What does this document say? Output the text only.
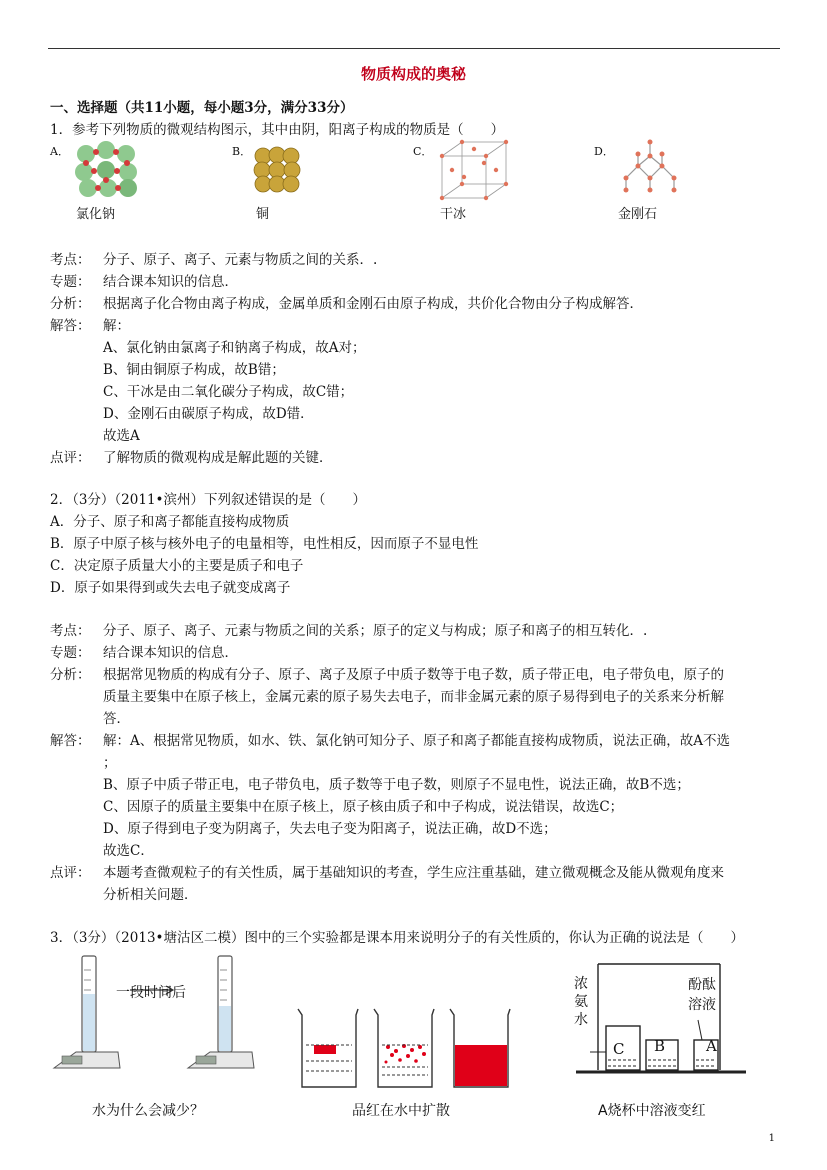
物质构成的奥秘
一、选择题（共11小题，每小题3分，满分33分）
1．参考下列物质的微观结构图示，其中由阴，阳离子构成的物质是（　　）
A．	B．	C．	D．
氯化钠	铜	干冰	金刚石
考点： 分子、原子、离子、元素与物质之间的关系．.
专题： 结合课本知识的信息．
分析： 根据离子化合物由离子构成，金属单质和金刚石由原子构成，共价化合物由分子构成解答．
解答： 解：
A、氯化钠由氯离子和钠离子构成，故A对；
B、铜由铜原子构成，故B错；
C、干冰是由二氧化碳分子构成，故C错；
D、金刚石由碳原子构成，故D错．
故选A
点评： 了解物质的微观构成是解此题的关键．
2．（3分）（2011•滨州）下列叙述错误的是（　　）
A．分子、原子和离子都能直接构成物质
B．原子中原子核与核外电子的电量相等，电性相反，因而原子不显电性
C．决定原子质量大小的主要是质子和电子
D．原子如果得到或失去电子就变成离子
考点： 分子、原子、离子、元素与物质之间的关系；原子的定义与构成；原子和离子的相互转化．.
专题： 结合课本知识的信息．
分析： 根据常见物质的构成有分子、原子、离子及原子中质子数等于电子数，质子带正电，电子带负电，原子的
质量主要集中在原子核上，金属元素的原子易失去电子，而非金属元素的原子易得到电子的关系来分析解
答．
解答： 解：A、根据常见物质，如水、铁、氯化钠可知分子、原子和离子都能直接构成物质，说法正确，故A不选
；
B、原子中质子带正电，电子带负电，质子数等于电子数，则原子不显电性，说法正确，故B不选；
C、因原子的质量主要集中在原子核上，原子核由质子和中子构成，说法错误，故选C；
D、原子得到电子变为阴离子，失去电子变为阳离子，说法正确，故D不选；
故选C．
点评： 本题考查微观粒子的有关性质，属于基础知识的考查，学生应注重基础，建立微观概念及能从微观角度来
分析相关问题．
3．（3分）（2013•塘沽区二模）图中的三个实验都是课本用来说明分子的有关性质的，你认为正确的说法是（　　）
一段时间后
水为什么会减少？	品红在水中扩散
浓
氨
水
酚酞
溶液
C B	A
A烧杯中溶液变红
1
